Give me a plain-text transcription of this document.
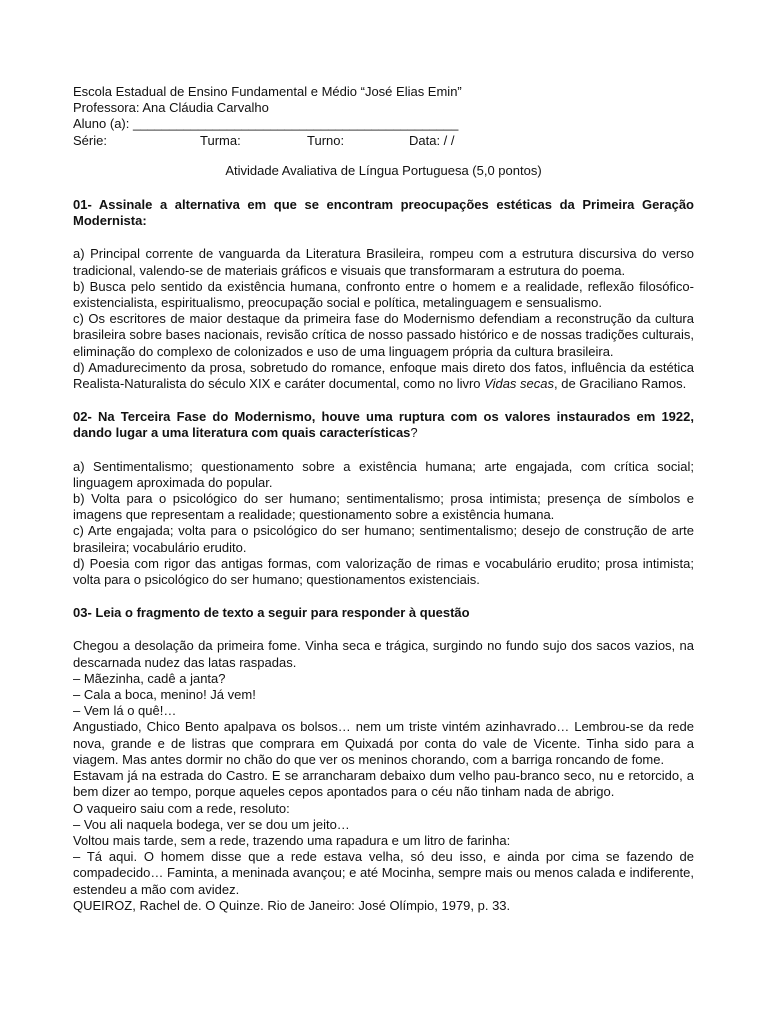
Escola Estadual de Ensino Fundamental e Médio “José Elias Emin”
Professora: Ana Cláudia Carvalho
Aluno (a): _____________________________________________
Série:	Turma:	Turno:	Data: / /
Atividade Avaliativa de Língua Portuguesa (5,0 pontos)
01- Assinale a alternativa em que se encontram preocupações estéticas da Primeira Geração Modernista:
a) Principal corrente de vanguarda da Literatura Brasileira, rompeu com a estrutura discursiva do verso tradicional, valendo-se de materiais gráficos e visuais que transformaram a estrutura do poema.
b) Busca pelo sentido da existência humana, confronto entre o homem e a realidade, reflexão filosófico-existencialista, espiritualismo, preocupação social e política, metalinguagem e sensualismo.
c) Os escritores de maior destaque da primeira fase do Modernismo defendiam a reconstrução da cultura brasileira sobre bases nacionais, revisão crítica de nosso passado histórico e de nossas tradições culturais, eliminação do complexo de colonizados e uso de uma linguagem própria da cultura brasileira.
d) Amadurecimento da prosa, sobretudo do romance, enfoque mais direto dos fatos, influência da estética Realista-Naturalista do século XIX e caráter documental, como no livro Vidas secas, de Graciliano Ramos.
02- Na Terceira Fase do Modernismo, houve uma ruptura com os valores instaurados em 1922, dando lugar a uma literatura com quais características?
a) Sentimentalismo; questionamento sobre a existência humana; arte engajada, com crítica social; linguagem aproximada do popular.
b) Volta para o psicológico do ser humano; sentimentalismo; prosa intimista; presença de símbolos e imagens que representam a realidade; questionamento sobre a existência humana.
c) Arte engajada; volta para o psicológico do ser humano; sentimentalismo; desejo de construção de arte brasileira; vocabulário erudito.
d) Poesia com rigor das antigas formas, com valorização de rimas e vocabulário erudito; prosa intimista; volta para o psicológico do ser humano; questionamentos existenciais.
03- Leia o fragmento de texto a seguir para responder à questão
Chegou a desolação da primeira fome. Vinha seca e trágica, surgindo no fundo sujo dos sacos vazios, na descarnada nudez das latas raspadas.
– Mãezinha, cadê a janta?
– Cala a boca, menino! Já vem!
– Vem lá o quê!…
Angustiado, Chico Bento apalpava os bolsos… nem um triste vintém azinhavrado… Lembrou-se da rede nova, grande e de listras que comprara em Quixadá por conta do vale de Vicente. Tinha sido para a viagem. Mas antes dormir no chão do que ver os meninos chorando, com a barriga roncando de fome.
Estavam já na estrada do Castro. E se arrancharam debaixo dum velho pau-branco seco, nu e retorcido, a bem dizer ao tempo, porque aqueles cepos apontados para o céu não tinham nada de abrigo.
O vaqueiro saiu com a rede, resoluto:
– Vou ali naquela bodega, ver se dou um jeito…
Voltou mais tarde, sem a rede, trazendo uma rapadura e um litro de farinha:
– Tá aqui. O homem disse que a rede estava velha, só deu isso, e ainda por cima se fazendo de compadecido… Faminta, a meninada avançou; e até Mocinha, sempre mais ou menos calada e indiferente, estendeu a mão com avidez.
QUEIROZ, Rachel de. O Quinze. Rio de Janeiro: José Olímpio, 1979, p. 33.
